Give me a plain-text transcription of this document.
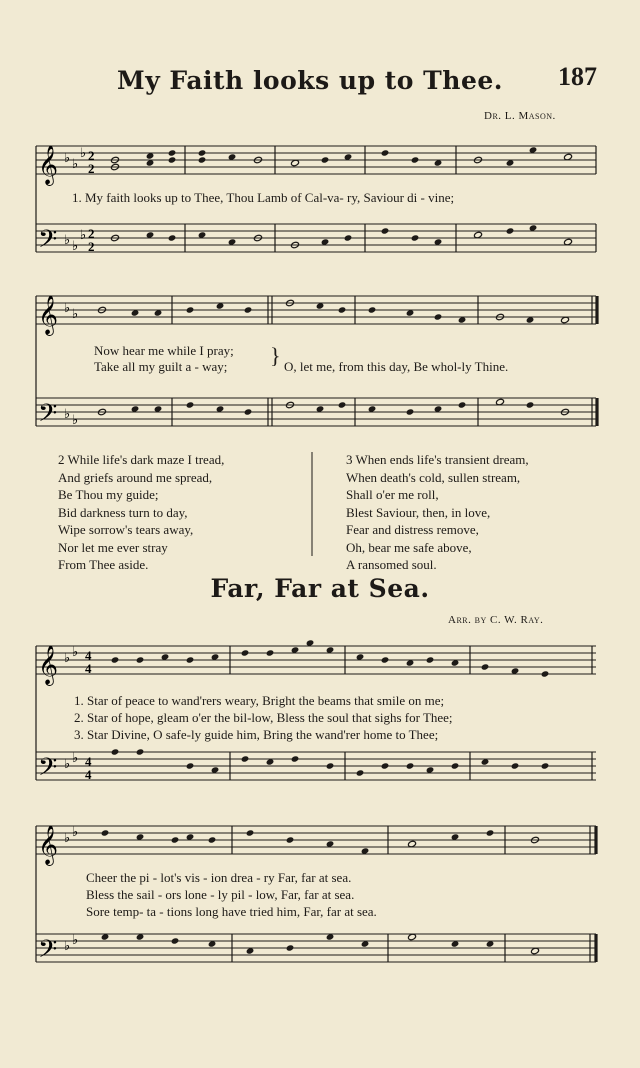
𝄞
𝄢
2
2
2
2
♭ ♭
♭
♭ ♭
♭
𝄞
𝄢
♭ ♭
♭ ♭
𝄞
𝄢
♭ ♭
♭ ♭
4
4
4
4
𝄞
𝄢
♭ ♭
♭ ♭
187
My Faith looks up to Thee.
Dr. L. Mason.
1. My faith looks up to Thee, Thou Lamb of Cal-va- ry, Saviour di - vine;
Now hear me while I pray;
Take all my guilt a - way; } O, let me, from this day, Be whol-ly Thine.
2 While life's dark maze I tread,
And griefs around me spread,
Be Thou my guide;
Bid darkness turn to day,
Wipe sorrow's tears away,
Nor let me ever stray
From Thee aside.
3 When ends life's transient dream,
When death's cold, sullen stream,
Shall o'er me roll,
Blest Saviour, then, in love,
Fear and distress remove,
Oh, bear me safe above,
A ransomed soul.
Far, Far at Sea.
Arr. by C. W. Ray.
1. Star of peace to wand'rers weary, Bright the beams that smile on me;
2. Star of hope, gleam o'er the bil-low, Bless the soul that sighs for Thee;
3. Star Divine, O safe-ly guide him, Bring the wand'rer home to Thee;
Cheer the pi - lot's vis - ion drea - ry Far, far at sea.
Bless the sail - ors lone - ly pil - low, Far, far at sea.
Sore temp- ta - tions long have tried him, Far, far at sea.
